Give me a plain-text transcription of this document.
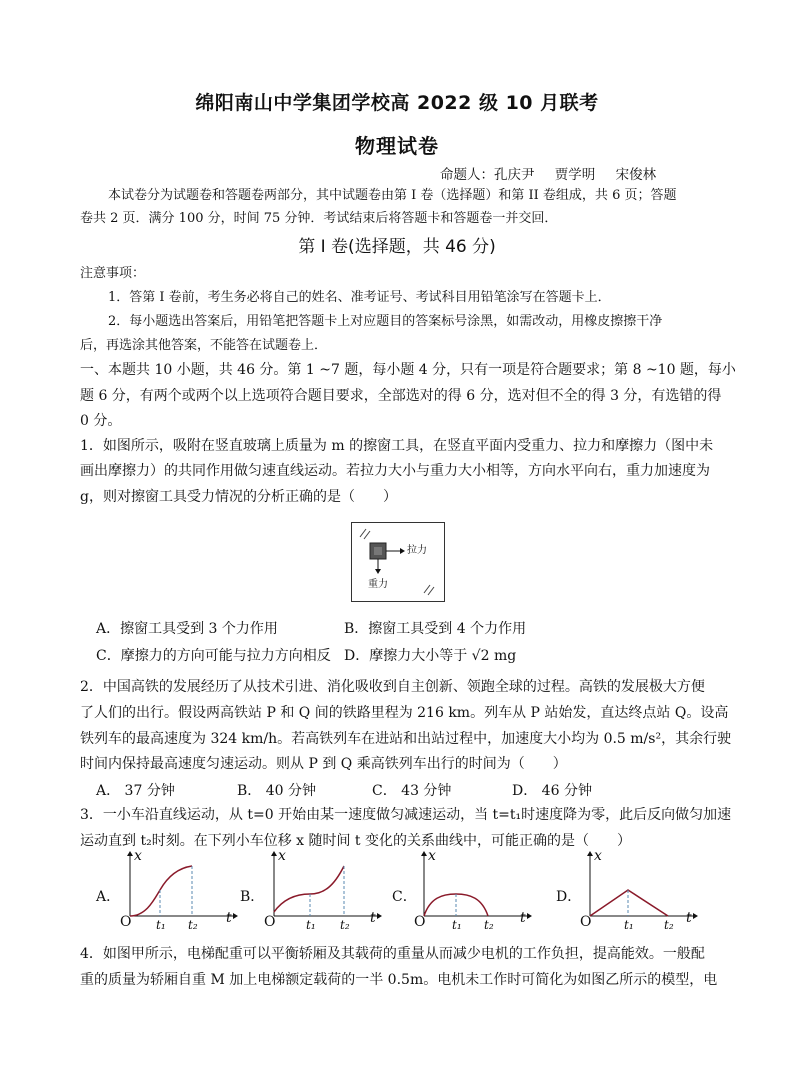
绵阳南山中学集团学校高 2022 级 10 月联考
物理试卷
命题人：孔庆尹 贾学明 宋俊林
本试卷分为试题卷和答题卷两部分，其中试题卷由第 I 卷（选择题）和第 II 卷组成，共 6 页；答题
卷共 2 页．满分 100 分，时间 75 分钟．考试结束后将答题卡和答题卷一并交回．
第 I 卷(选择题，共 46 分)
注意事项：
1．答第 I 卷前，考生务必将自己的姓名、准考证号、考试科目用铅笔涂写在答题卡上．
2．每小题选出答案后，用铅笔把答题卡上对应题目的答案标号涂黑，如需改动，用橡皮擦擦干净
后，再选涂其他答案，不能答在试题卷上．
一、本题共 10 小题，共 46 分。第 1 ~7 题，每小题 4 分，只有一项是符合题要求；第 8 ~10 题，每小
题 6 分，有两个或两个以上选项符合题目要求，全部选对的得 6 分，选对但不全的得 3 分，有选错的得
0 分。
1．如图所示，吸附在竖直玻璃上质量为 m 的擦窗工具，在竖直平面内受重力、拉力和摩擦力（图中未
画出摩擦力）的共同作用做匀速直线运动。若拉力大小与重力大小相等，方向水平向右，重力加速度为
g，则对擦窗工具受力情况的分析正确的是（　　）
拉力
重力
A．擦窗工具受到 3 个力作用	B．擦窗工具受到 4 个力作用
C．摩擦力的方向可能与拉力方向相反 D．摩擦力大小等于 √2 mg
2．中国高铁的发展经历了从技术引进、消化吸收到自主创新、领跑全球的过程。高铁的发展极大方便
了人们的出行。假设两高铁站 P 和 Q 间的铁路里程为 216 km。列车从 P 站始发，直达终点站 Q。设高
铁列车的最高速度为 324 km/h。若高铁列车在进站和出站过程中，加速度大小均为 0.5 m/s²，其余行驶
时间内保持最高速度匀速运动。则从 P 到 Q 乘高铁列车出行的时间为（　　）
A． 37 分钟	B． 40 分钟	C． 43 分钟	D． 46 分钟
3．一小车沿直线运动，从 t=0 开始由某一速度做匀减速运动，当 t=t₁时速度降为零，此后反向做匀加速
运动直到 t₂时刻。在下列小车位移 x 随时间 t 变化的关系曲线中，可能正确的是（　　）
A．
O
x
t
t₁ t₂
B．
O
x
t
t₁ t₂
C．
O
x
t
t₁ t₂
D．
O
x
t
t₁	t₂
4．如图甲所示，电梯配重可以平衡轿厢及其载荷的重量从而减少电机的工作负担，提高能效。一般配
重的质量为轿厢自重 M 加上电梯额定载荷的一半 0.5m。电机未工作时可简化为如图乙所示的模型，电
